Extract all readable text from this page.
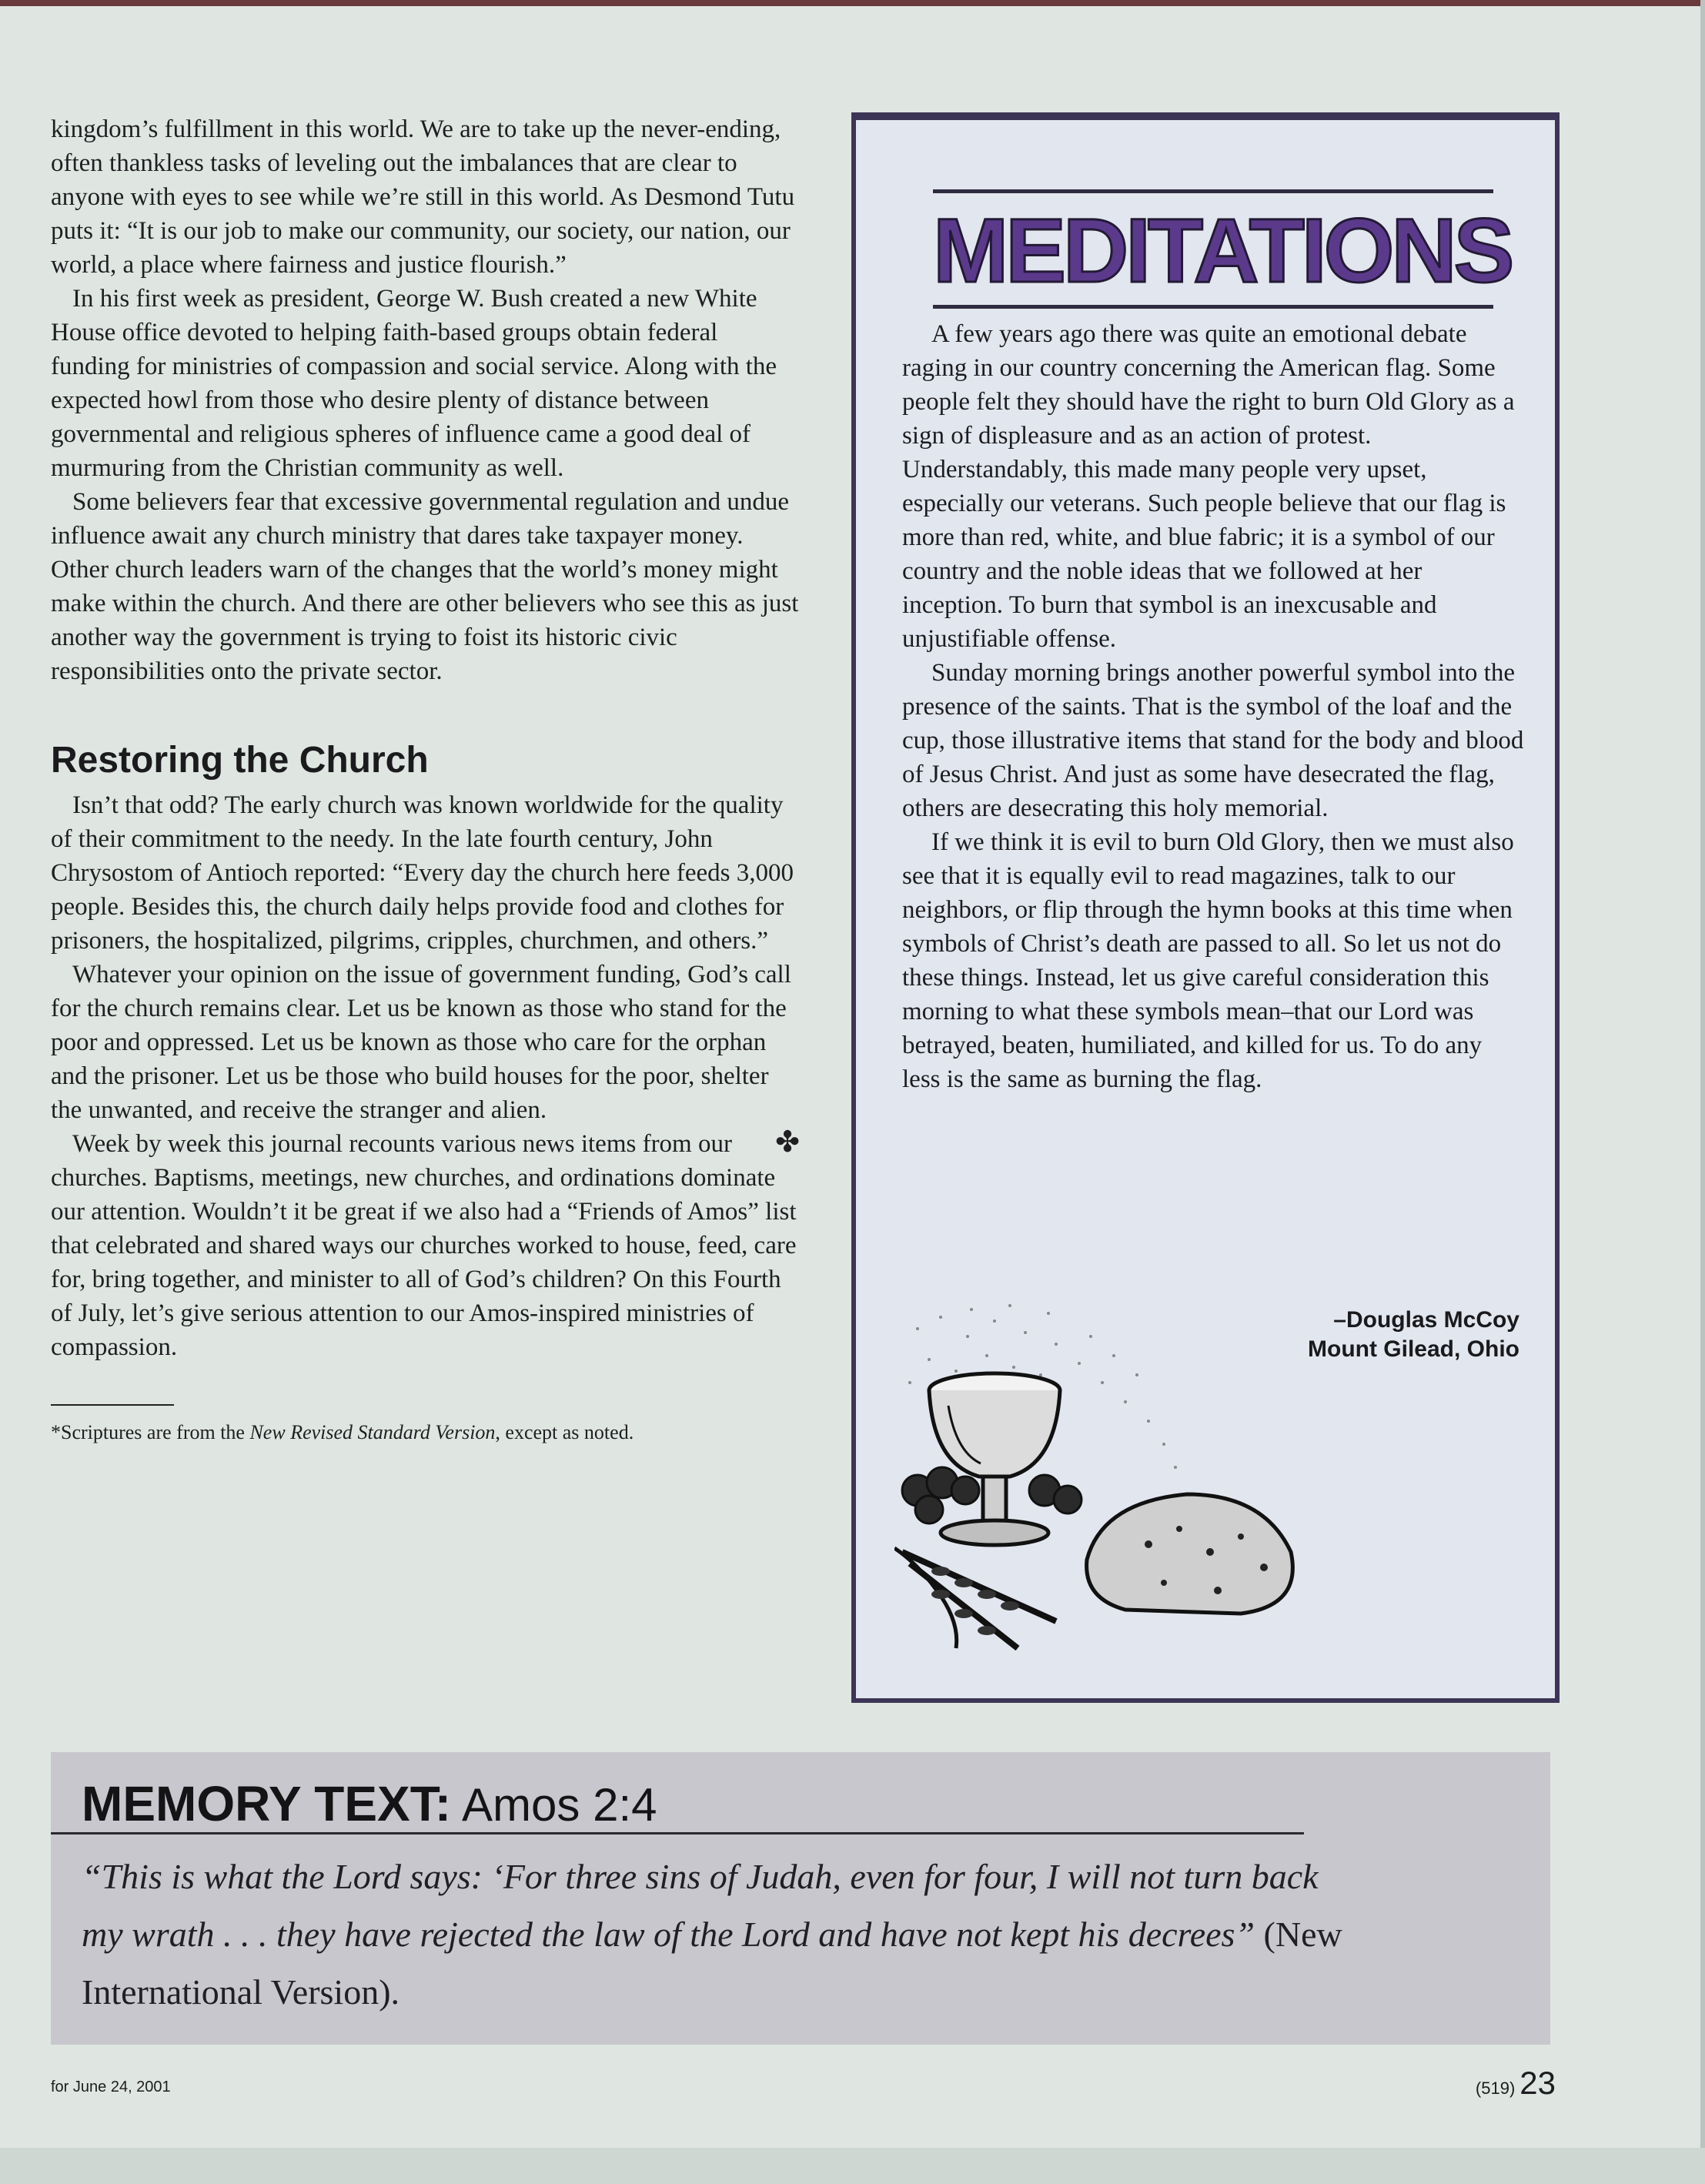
kingdom’s fulfillment in this world. We are to take up the never-ending, often thankless tasks of leveling out the imbalances that are clear to anyone with eyes to see while we’re still in this world. As Desmond Tutu puts it: “It is our job to make our community, our society, our nation, our world, a place where fairness and justice flourish.”

In his first week as president, George W. Bush created a new White House office devoted to helping faith-based groups obtain federal funding for ministries of compassion and social service. Along with the expected howl from those who desire plenty of distance between governmental and religious spheres of influence came a good deal of murmuring from the Christian community as well.

Some believers fear that excessive governmental regulation and undue influence await any church ministry that dares take taxpayer money. Other church leaders warn of the changes that the world’s money might make within the church. And there are other believers who see this as just another way the government is trying to foist its historic civic responsibilities onto the private sector.

Restoring the Church

Isn’t that odd? The early church was known worldwide for the quality of their commitment to the needy. In the late fourth century, John Chrysostom of Antioch reported: “Every day the church here feeds 3,000 people. Besides this, the church daily helps provide food and clothes for prisoners, the hospitalized, pilgrims, cripples, churchmen, and others.”

Whatever your opinion on the issue of government funding, God’s call for the church remains clear. Let us be known as those who stand for the poor and oppressed. Let us be known as those who care for the orphan and the prisoner. Let us be those who build houses for the poor, shelter the unwanted, and receive the stranger and alien.

✤
Week by week this journal recounts various news items from our churches. Baptisms, meetings, new churches, and ordinations dominate our attention. Wouldn’t it be great if we also had a “Friends of Amos” list that celebrated and shared ways our churches worked to house, feed, care for, bring together, and minister to all of God’s children? On this Fourth of July, let’s give serious attention to our Amos-inspired ministries of compassion.

*Scriptures are from the New Revised Standard Version, except as noted.
MEDITATIONS

A few years ago there was quite an emotional debate raging in our country concerning the American flag. Some people felt they should have the right to burn Old Glory as a sign of displeasure and as an action of protest. Understandably, this made many people very upset, especially our veterans. Such people believe that our flag is more than red, white, and blue fabric; it is a symbol of our country and the noble ideas that we followed at her inception. To burn that symbol is an inexcusable and unjustifiable offense.

Sunday morning brings another powerful symbol into the presence of the saints. That is the symbol of the loaf and the cup, those illustrative items that stand for the body and blood of Jesus Christ. And just as some have desecrated the flag, others are desecrating this holy memorial.

If we think it is evil to burn Old Glory, then we must also see that it is equally evil to read magazines, talk to our neighbors, or flip through the hymn books at this time when symbols of Christ’s death are passed to all. So let us not do these things. Instead, let us give careful consideration this morning to what these symbols mean–that our Lord was betrayed, beaten, humiliated, and killed for us. To do any less is the same as burning the flag.

–Douglas McCoy
Mount Gilead, Ohio
MEMORY TEXT: Amos 2:4
“This is what the Lord says: ‘For three sins of Judah, even for four, I will not turn back my wrath . . . they have rejected the law of the Lord and have not kept his decrees” (New International Version).
for June 24, 2001	(519) 23
